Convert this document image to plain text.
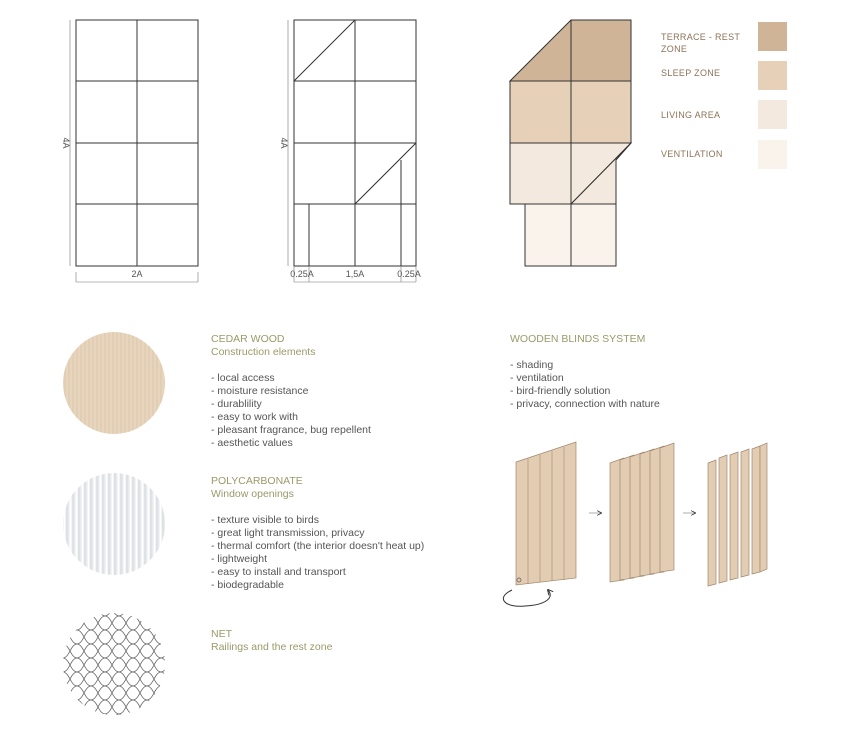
4A
2A
4A
0.25A	1,5A	0.25A
TERRACE - REST
ZONE
SLEEP ZONE
LIVING AREA
VENTILATION
CEDAR WOOD
Construction elements
- local access
- moisture resistance
- durablility
- easy to work with
- pleasant fragrance, bug repellent
- aesthetic values
POLYCARBONATE
Window openings
- texture visible to birds
- great light transmission, privacy
- thermal comfort (the interior doesn't heat up)
- lightweight
- easy to install and transport
- biodegradable
NET
Railings and the rest zone
WOODEN BLINDS SYSTEM
- shading
- ventilation
- bird-friendly solution
- privacy, connection with nature
